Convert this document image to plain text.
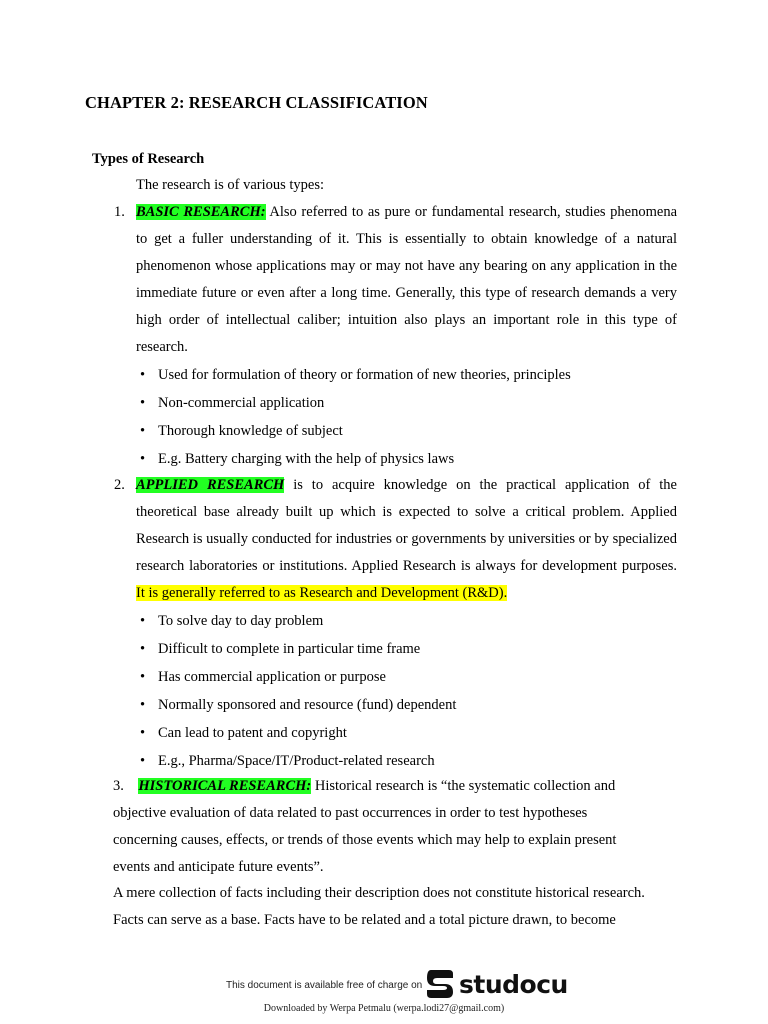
CHAPTER 2: RESEARCH CLASSIFICATION
Types of Research
The research is of various types:
1. BASIC RESEARCH: Also referred to as pure or fundamental research, studies phenomena to get a fuller understanding of it. This is essentially to obtain knowledge of a natural phenomenon whose applications may or may not have any bearing on any application in the immediate future or even after a long time. Generally, this type of research demands a very high order of intellectual caliber; intuition also plays an important role in this type of research.
• Used for formulation of theory or formation of new theories, principles
• Non-commercial application
• Thorough knowledge of subject
• E.g. Battery charging with the help of physics laws
2. APPLIED RESEARCH is to acquire knowledge on the practical application of the theoretical base already built up which is expected to solve a critical problem. Applied Research is usually conducted for industries or governments by universities or by specialized research laboratories or institutions. Applied Research is always for development purposes. It is generally referred to as Research and Development (R&D).
• To solve day to day problem
• Difficult to complete in particular time frame
• Has commercial application or purpose
• Normally sponsored and resource (fund) dependent
• Can lead to patent and copyright
• E.g., Pharma/Space/IT/Product-related research
3. HISTORICAL RESEARCH: Historical research is “the systematic collection and
objective evaluation of data related to past occurrences in order to test hypotheses concerning causes, effects, or trends of those events which may help to explain present events and anticipate future events”.
A mere collection of facts including their description does not constitute historical research. Facts can serve as a base. Facts have to be related and a total picture drawn, to become
This document is available free of charge on studocu
Downloaded by Werpa Petmalu (werpa.lodi27@gmail.com)
